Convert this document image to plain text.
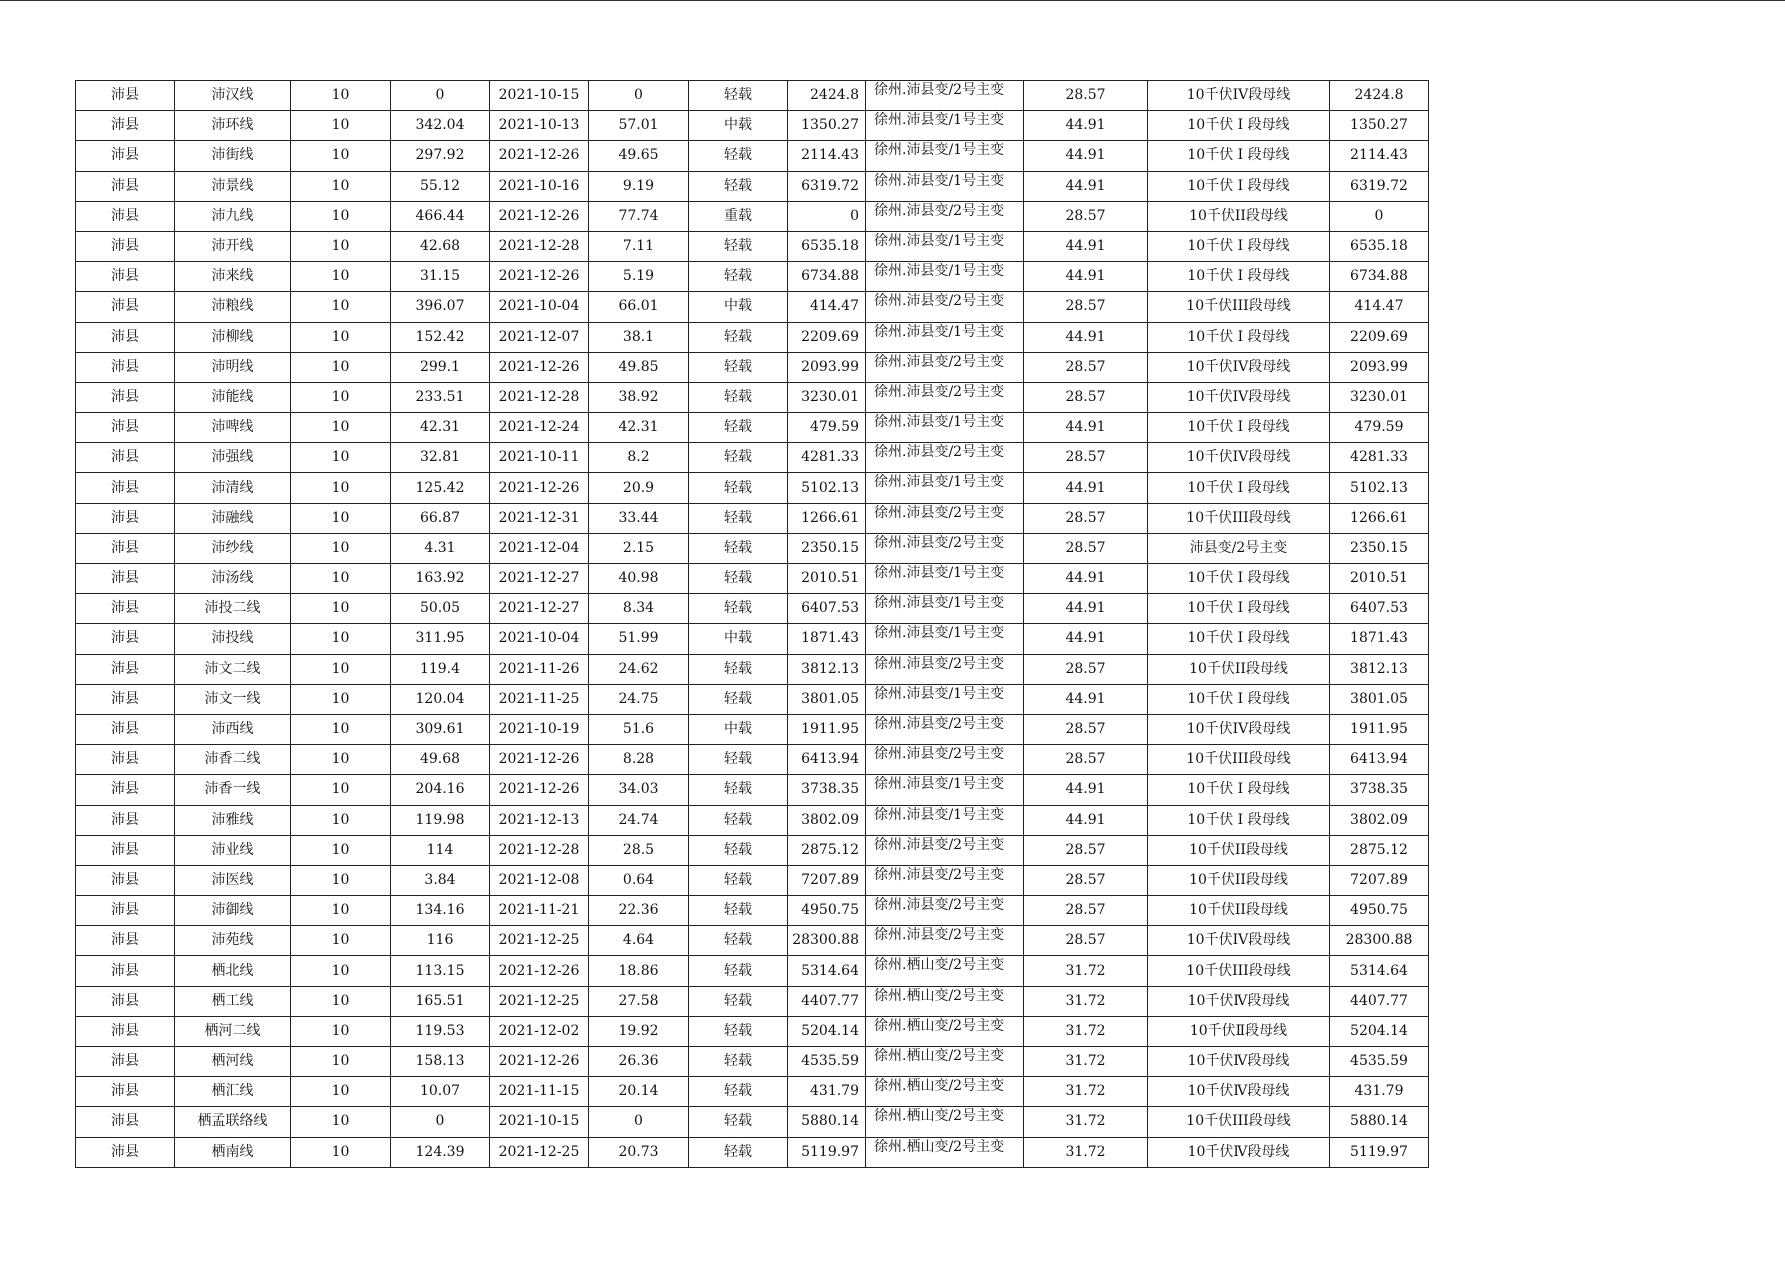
沛县	沛汉线	10	0	2021-10-15	0	轻载	2424.8	徐州.沛县变/2号主变	28.57	10千伏IV段母线	2424.8
沛县	沛环线	10	342.04	2021-10-13	57.01	中载	1350.27	徐州.沛县变/1号主变	44.91	10千伏 I 段母线	1350.27
沛县	沛街线	10	297.92	2021-12-26	49.65	轻载	2114.43	徐州.沛县变/1号主变	44.91	10千伏 I 段母线	2114.43
沛县	沛景线	10	55.12	2021-10-16	9.19	轻载	6319.72	徐州.沛县变/1号主变	44.91	10千伏 I 段母线	6319.72
沛县	沛九线	10	466.44	2021-12-26	77.74	重载	0	徐州.沛县变/2号主变	28.57	10千伏II段母线	0
沛县	沛开线	10	42.68	2021-12-28	7.11	轻载	6535.18	徐州.沛县变/1号主变	44.91	10千伏 I 段母线	6535.18
沛县	沛来线	10	31.15	2021-12-26	5.19	轻载	6734.88	徐州.沛县变/1号主变	44.91	10千伏 I 段母线	6734.88
沛县	沛粮线	10	396.07	2021-10-04	66.01	中载	414.47	徐州.沛县变/2号主变	28.57	10千伏III段母线	414.47
沛县	沛柳线	10	152.42	2021-12-07	38.1	轻载	2209.69	徐州.沛县变/1号主变	44.91	10千伏 I 段母线	2209.69
沛县	沛明线	10	299.1	2021-12-26	49.85	轻载	2093.99	徐州.沛县变/2号主变	28.57	10千伏IV段母线	2093.99
沛县	沛能线	10	233.51	2021-12-28	38.92	轻载	3230.01	徐州.沛县变/2号主变	28.57	10千伏IV段母线	3230.01
沛县	沛啤线	10	42.31	2021-12-24	42.31	轻载	479.59	徐州.沛县变/1号主变	44.91	10千伏 I 段母线	479.59
沛县	沛强线	10	32.81	2021-10-11	8.2	轻载	4281.33	徐州.沛县变/2号主变	28.57	10千伏IV段母线	4281.33
沛县	沛清线	10	125.42	2021-12-26	20.9	轻载	5102.13	徐州.沛县变/1号主变	44.91	10千伏 I 段母线	5102.13
沛县	沛融线	10	66.87	2021-12-31	33.44	轻载	1266.61	徐州.沛县变/2号主变	28.57	10千伏III段母线	1266.61
沛县	沛纱线	10	4.31	2021-12-04	2.15	轻载	2350.15	徐州.沛县变/2号主变	28.57	沛县变/2号主变	2350.15
沛县	沛汤线	10	163.92	2021-12-27	40.98	轻载	2010.51	徐州.沛县变/1号主变	44.91	10千伏 I 段母线	2010.51
沛县	沛投二线	10	50.05	2021-12-27	8.34	轻载	6407.53	徐州.沛县变/1号主变	44.91	10千伏 I 段母线	6407.53
沛县	沛投线	10	311.95	2021-10-04	51.99	中载	1871.43	徐州.沛县变/1号主变	44.91	10千伏 I 段母线	1871.43
沛县	沛文二线	10	119.4	2021-11-26	24.62	轻载	3812.13	徐州.沛县变/2号主变	28.57	10千伏II段母线	3812.13
沛县	沛文一线	10	120.04	2021-11-25	24.75	轻载	3801.05	徐州.沛县变/1号主变	44.91	10千伏 I 段母线	3801.05
沛县	沛西线	10	309.61	2021-10-19	51.6	中载	1911.95	徐州.沛县变/2号主变	28.57	10千伏IV段母线	1911.95
沛县	沛香二线	10	49.68	2021-12-26	8.28	轻载	6413.94	徐州.沛县变/2号主变	28.57	10千伏III段母线	6413.94
沛县	沛香一线	10	204.16	2021-12-26	34.03	轻载	3738.35	徐州.沛县变/1号主变	44.91	10千伏 I 段母线	3738.35
沛县	沛雅线	10	119.98	2021-12-13	24.74	轻载	3802.09	徐州.沛县变/1号主变	44.91	10千伏 I 段母线	3802.09
沛县	沛业线	10	114	2021-12-28	28.5	轻载	2875.12	徐州.沛县变/2号主变	28.57	10千伏II段母线	2875.12
沛县	沛医线	10	3.84	2021-12-08	0.64	轻载	7207.89	徐州.沛县变/2号主变	28.57	10千伏II段母线	7207.89
沛县	沛御线	10	134.16	2021-11-21	22.36	轻载	4950.75	徐州.沛县变/2号主变	28.57	10千伏II段母线	4950.75
沛县	沛苑线	10	116	2021-12-25	4.64	轻载	28300.88	徐州.沛县变/2号主变	28.57	10千伏IV段母线	28300.88
沛县	栖北线	10	113.15	2021-12-26	18.86	轻载	5314.64	徐州.栖山变/2号主变	31.72	10千伏III段母线	5314.64
沛县	栖工线	10	165.51	2021-12-25	27.58	轻载	4407.77	徐州.栖山变/2号主变	31.72	10千伏Ⅳ段母线	4407.77
沛县	栖河二线	10	119.53	2021-12-02	19.92	轻载	5204.14	徐州.栖山变/2号主变	31.72	10千伏Ⅱ段母线	5204.14
沛县	栖河线	10	158.13	2021-12-26	26.36	轻载	4535.59	徐州.栖山变/2号主变	31.72	10千伏Ⅳ段母线	4535.59
沛县	栖汇线	10	10.07	2021-11-15	20.14	轻载	431.79	徐州.栖山变/2号主变	31.72	10千伏Ⅳ段母线	431.79
沛县	栖孟联络线	10	0	2021-10-15	0	轻载	5880.14	徐州.栖山变/2号主变	31.72	10千伏III段母线	5880.14
沛县	栖南线	10	124.39	2021-12-25	20.73	轻载	5119.97	徐州.栖山变/2号主变	31.72	10千伏Ⅳ段母线	5119.97
